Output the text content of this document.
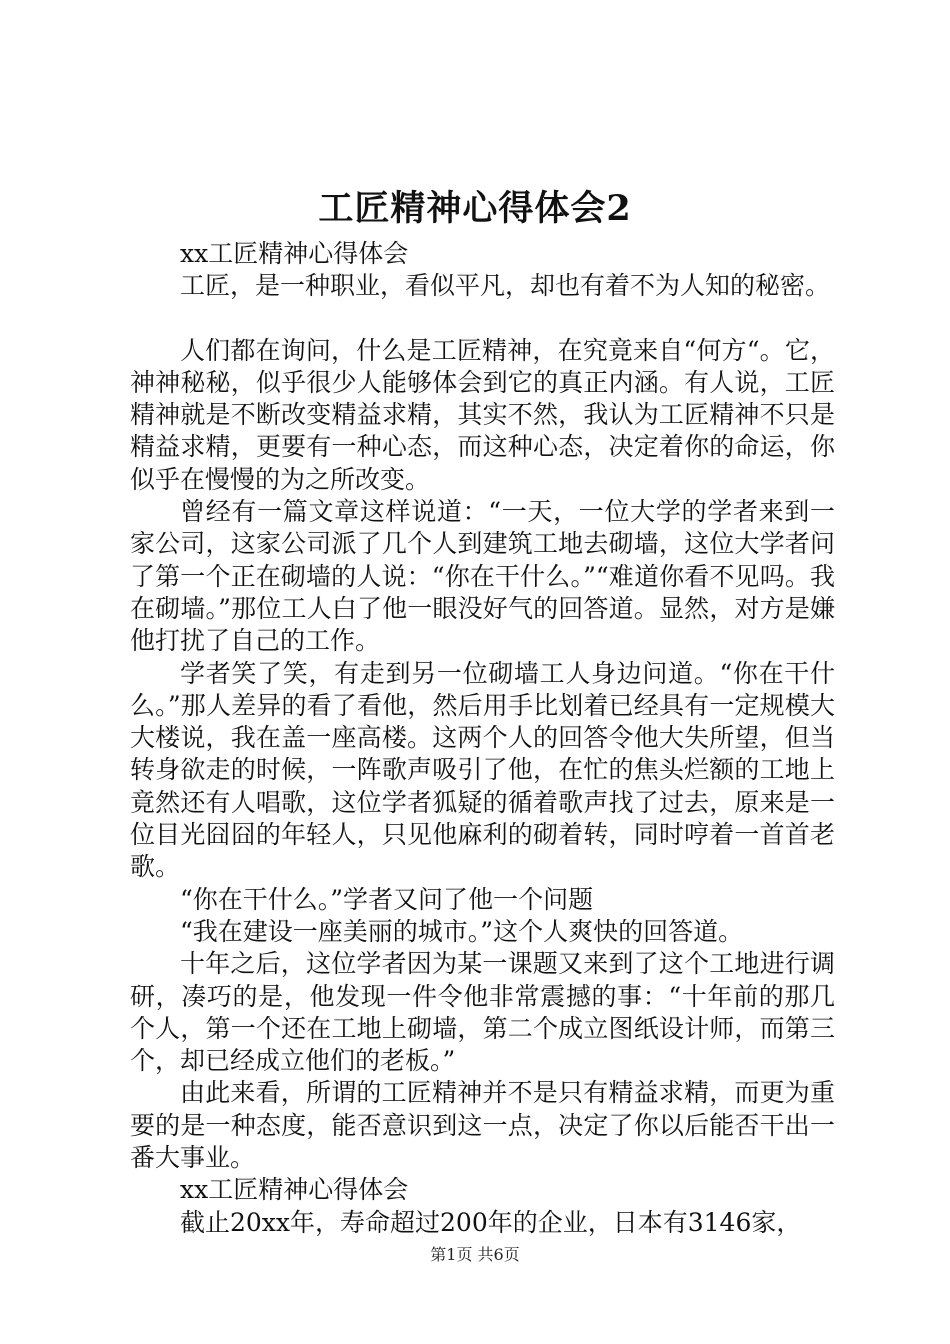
工匠精神心得体会2

xx工匠精神心得体会

工匠，是一种职业，看似平凡，却也有着不为人知的秘密。

人们都在询问，什么是工匠精神，在究竟来自“何方“。它，神神秘秘，似乎很少人能够体会到它的真正内涵。有人说，工匠精神就是不断改变精益求精，其实不然，我认为工匠精神不只是精益求精，更要有一种心态，而这种心态，决定着你的命运，你似乎在慢慢的为之所改变。

曾经有一篇文章这样说道：“一天，一位大学的学者来到一家公司，这家公司派了几个人到建筑工地去砌墙，这位大学者问了第一个正在砌墙的人说：“你在干什么。”“难道你看不见吗。我在砌墙。”那位工人白了他一眼没好气的回答道。显然，对方是嫌他打扰了自己的工作。

学者笑了笑，有走到另一位砌墙工人身边问道。“你在干什么。”那人差异的看了看他，然后用手比划着已经具有一定规模大大楼说，我在盖一座高楼。这两个人的回答令他大失所望，但当转身欲走的时候，一阵歌声吸引了他，在忙的焦头烂额的工地上竟然还有人唱歌，这位学者狐疑的循着歌声找了过去，原来是一位目光囧囧的年轻人，只见他麻利的砌着转，同时哼着一首首老歌。

“你在干什么。”学者又问了他一个问题

“我在建设一座美丽的城市。”这个人爽快的回答道。

十年之后，这位学者因为某一课题又来到了这个工地进行调研，凑巧的是，他发现一件令他非常震撼的事：“十年前的那几个人，第一个还在工地上砌墙，第二个成立图纸设计师，而第三个，却已经成立他们的老板。”

由此来看，所谓的工匠精神并不是只有精益求精，而更为重要的是一种态度，能否意识到这一点，决定了你以后能否干出一番大事业。

xx工匠精神心得体会

截止20xx年，寿命超过200年的企业，日本有3146家，

第1页 共6页
